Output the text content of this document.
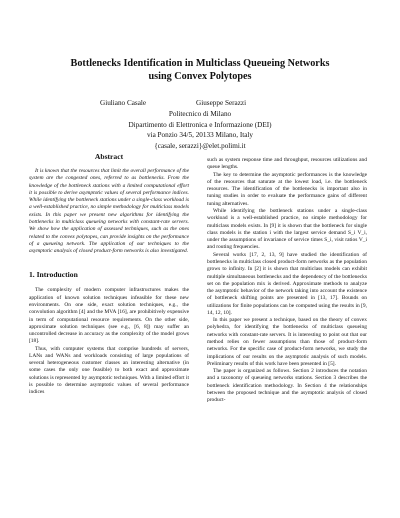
Bottlenecks Identification in Multiclass Queueing Networks
using Convex Polytopes
Giuliano Casale	Giuseppe Serazzi
Politecnico di Milano
Dipartimento di Elettronica e Informazione (DEI)
via Ponzio 34/5, 20133 Milano, Italy
{casale, serazzi}@elet.polimi.it
Abstract

It is known that the resources that limit the overall performance of the system are the congested ones, referred to as bottlenecks. From the knowledge of the bottleneck stations with a limited computational effort it is possible to derive asymptotic values of several performance indices. While identifying the bottleneck stations under a single-class workload is a well-established practice, no simple methodology for multiclass models exists. In this paper we present new algorithms for identifying the bottlenecks in multiclass queueing networks with constant-rate servers. We show how the application of assessed techniques, such as the ones related to the convex polytopes, can provide insights on the performance of a queueing network. The application of our techniques to the asymptotic analysis of closed product-form networks is also investigated.

1. Introduction

The complexity of modern computer infrastructures makes the application of known solution techniques infeasible for these new environments. On one side, exact solution techniques, e.g., the convolution algorithm [4] and the MVA [16], are prohibitively expensive in term of computational resource requirements. On the other side, approximate solution techniques (see e.g., [6, 8]) may suffer an uncontrolled decrease in accuracy as the complexity of the model grows [18].

Thus, with computer systems that comprise hundreds of servers, LANs and WANs and workloads consisting of large populations of several heterogeneous customer classes an interesting alternative (in some cases the only one feasible) to both exact and approximate solutions is represented by asymptotic techniques. With a limited effort it is possible to determine asymptotic values of several performance indices

such as system response time and throughput, resources utilizations and queue lengths.

The key to determine the asymptotic performances is the knowledge of the resources that saturate at the lowest load, i.e. the bottleneck resources. The identification of the bottlenecks is important also in tuning studies in order to evaluate the performance gains of different tuning alternatives.

While identifying the bottleneck stations under a single-class workload is a well-established practice, no simple methodology for multiclass models exists. In [9] it is shown that the bottleneck for single class models is the station i with the largest service demand S_i V_i, under the assumptions of invariance of service times S_i, visit ratios V_i and routing frequencies.

Several works [17, 2, 13, 9] have studied the identification of bottlenecks in multiclass closed product-form networks as the population grows to infinity. In [2] it is shown that multiclass models can exhibit multiple simultaneous bottlenecks and the dependency of the bottlenecks set on the population mix is derived. Approximate methods to analyze the asymptotic behavior of the network taking into account the existence of bottleneck shifting points are presented in [13, 17]. Bounds on utilizations for finite populations can be computed using the results in [9, 14, 12, 10].

In this paper we present a technique, based on the theory of convex polyhedra, for identifying the bottlenecks of multiclass queueing networks with constant-rate servers. It is interesting to point out that our method relies on fewer assumptions than those of product-form networks. For the specific case of product-form networks, we study the implications of our results on the asymptotic analysis of such models. Preliminary results of this work have been presented in [5].

The paper is organized as follows. Section 2 introduces the notation and a taxonomy of queueing networks stations. Section 3 describes the bottleneck identification methodology. In Section 4 the relationships between the proposed technique and the asymptotic analysis of closed product-
